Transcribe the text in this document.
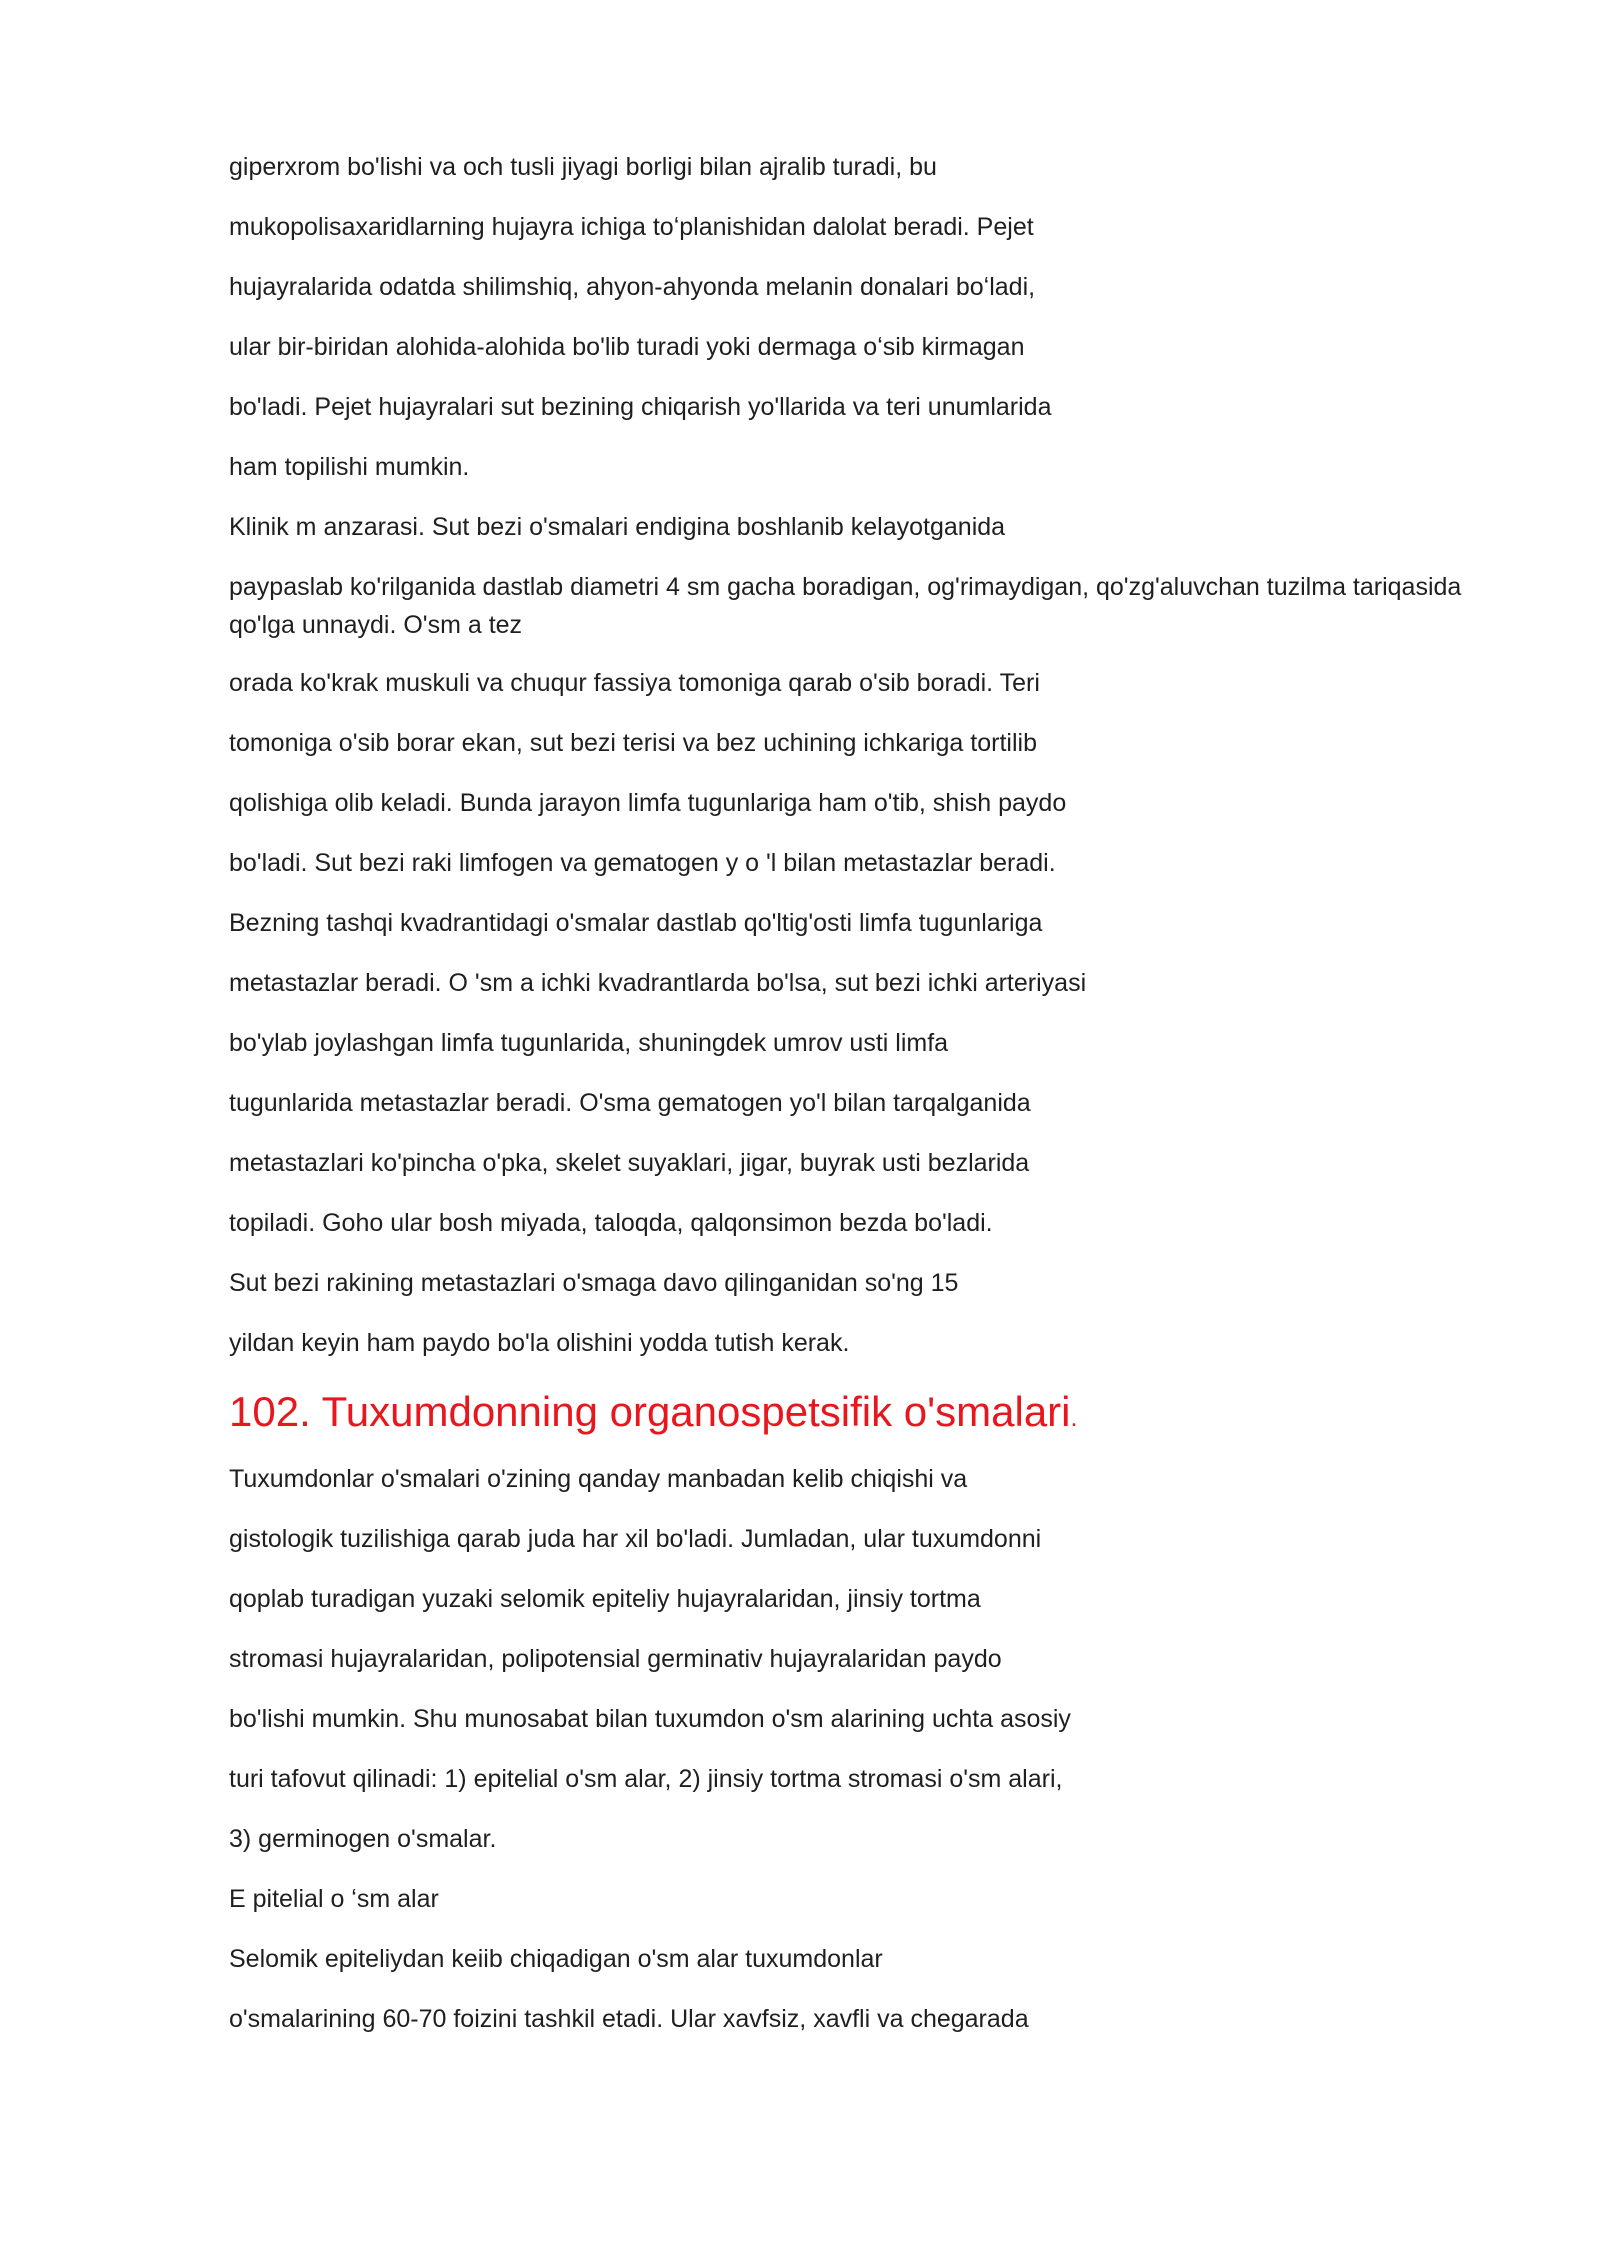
giperxrom bo'lishi va och tusli jiyagi borligi bilan ajralib turadi, bu

mukopolisaxaridlarning hujayra ichiga toʻplanishidan dalolat beradi. Pejet

hujayralarida odatda shilimshiq, ahyon-ahyonda melanin donalari boʻladi,

ular bir-biridan alohida-alohida bo'lib turadi yoki dermaga oʻsib kirmagan

bo'ladi. Pejet hujayralari sut bezining chiqarish yo'llarida va teri unumlarida

ham topilishi mumkin.

Klinik m anzarasi. Sut bezi o'smalari endigina boshlanib kelayotganida

paypaslab ko'rilganida dastlab diametri 4 sm gacha boradigan, og'rimaydigan, qo'zg'aluvchan tuzilma tariqasida qo'lga unnaydi. O'sm a tez

orada ko'krak muskuli va chuqur fassiya tomoniga qarab o'sib boradi. Teri

tomoniga o'sib borar ekan, sut bezi terisi va bez uchining ichkariga tortilib

qolishiga olib keladi. Bunda jarayon limfa tugunlariga ham o'tib, shish paydo

bo'ladi. Sut bezi raki limfogen va gematogen y o 'l bilan metastazlar beradi.

Bezning tashqi kvadrantidagi o'smalar dastlab qo'ltig'osti limfa tugunlariga

metastazlar beradi. O 'sm a ichki kvadrantlarda bo'lsa, sut bezi ichki arteriyasi

bo'ylab joylashgan limfa tugunlarida, shuningdek umrov usti limfa

tugunlarida metastazlar beradi. O'sma gematogen yo'l bilan tarqalganida

metastazlari ko'pincha o'pka, skelet suyaklari, jigar, buyrak usti bezlarida

topiladi. Goho ular bosh miyada, taloqda, qalqonsimon bezda bo'ladi.

Sut bezi rakining metastazlari o'smaga davo qilinganidan so'ng 15

yildan keyin ham paydo bo'la olishini yodda tutish kerak.

102. Tuxumdonning organospetsifik o'smalari.

Tuxumdonlar o'smalari o'zining qanday manbadan kelib chiqishi va

gistologik tuzilishiga qarab juda har xil bo'ladi. Jumladan, ular tuxumdonni

qoplab turadigan yuzaki selomik epiteliy hujayralaridan, jinsiy tortma

stromasi hujayralaridan, polipotensial germinativ hujayralaridan paydo

bo'lishi mumkin. Shu munosabat bilan tuxumdon o'sm alarining uchta asosiy

turi tafovut qilinadi: 1) epitelial o'sm alar, 2) jinsiy tortma stromasi o'sm alari,

3) germinogen o'smalar.

E pitelial o ʻsm alar

Selomik epiteliydan keiib chiqadigan o'sm alar tuxumdonlar

o'smalarining 60-70 foizini tashkil etadi. Ular xavfsiz, xavfli va chegarada
